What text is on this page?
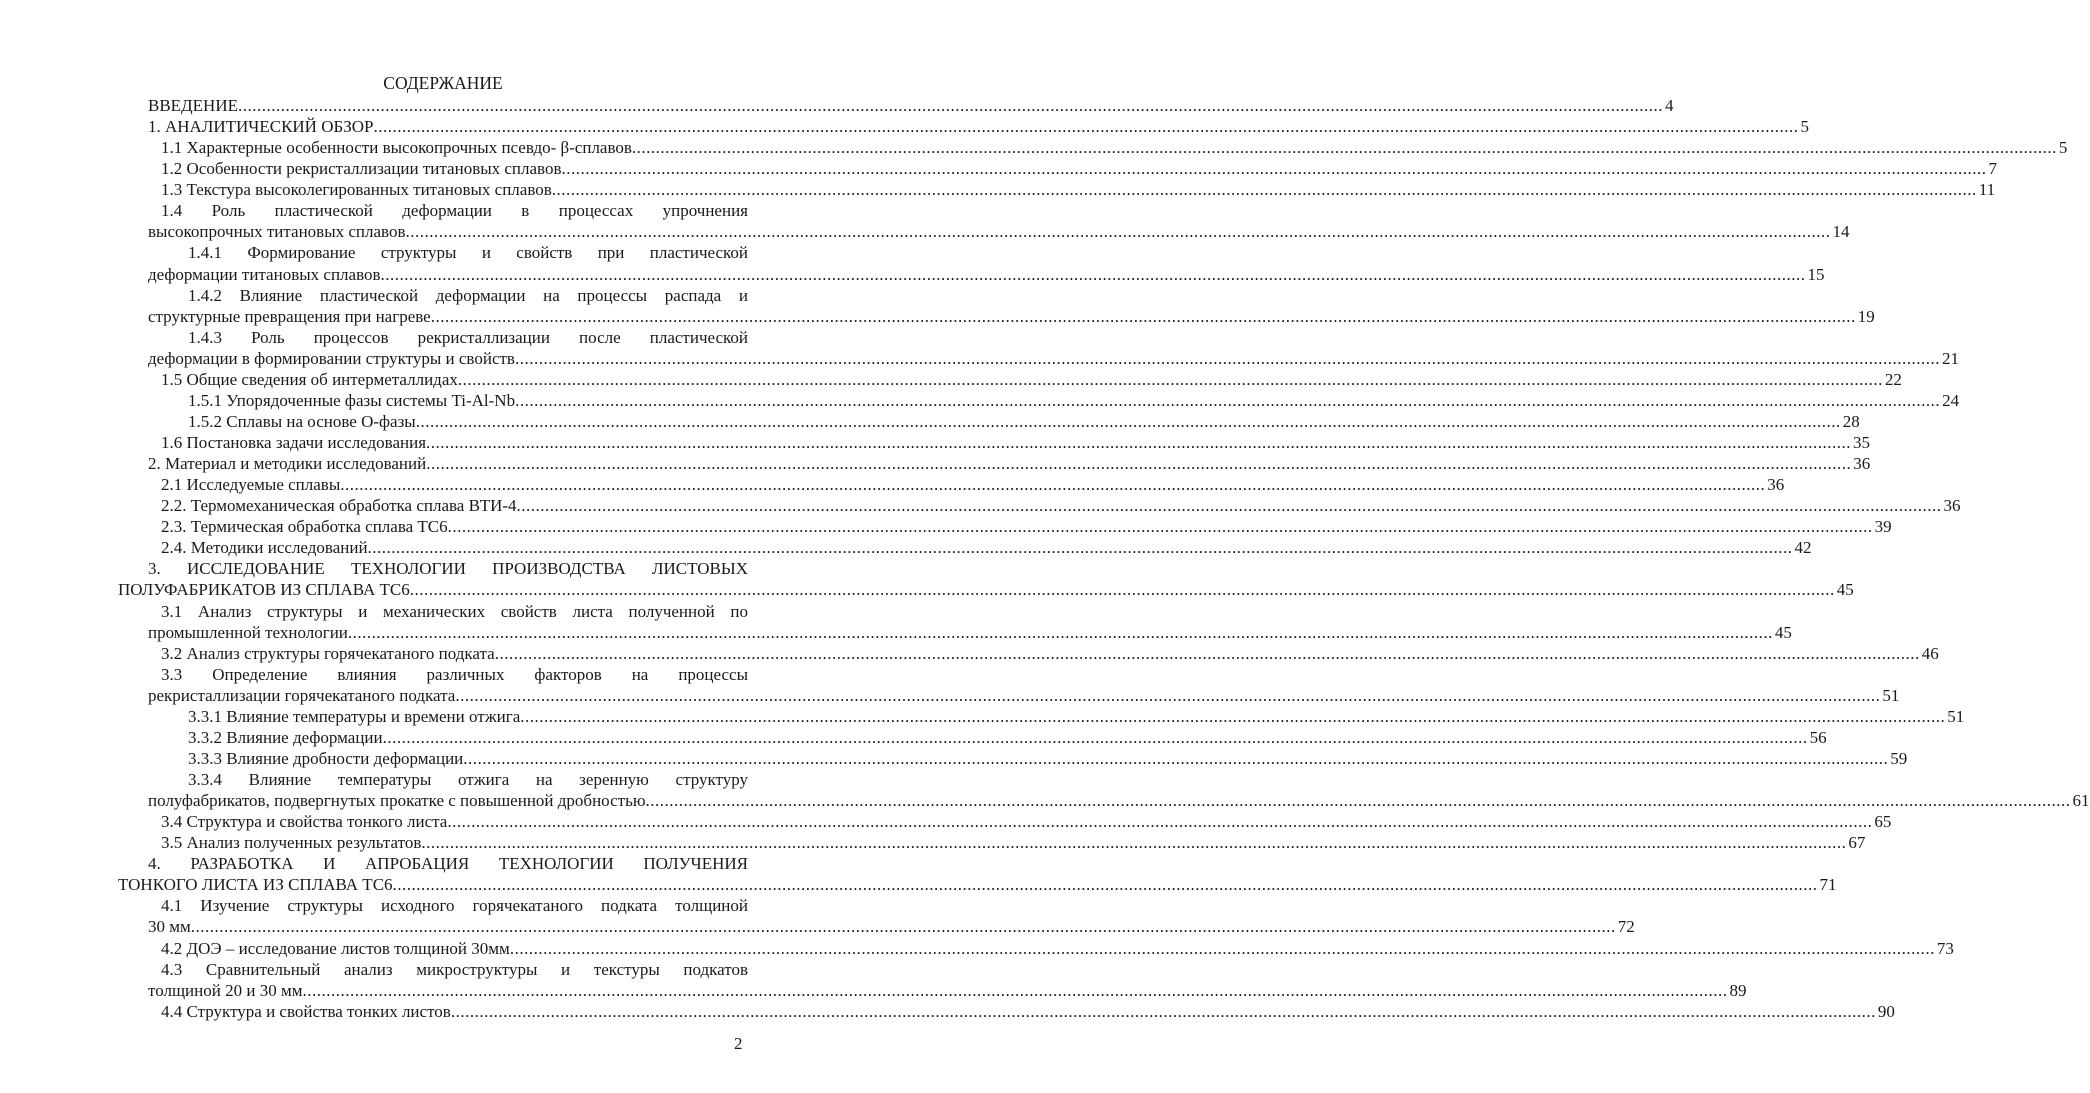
СОДЕРЖАНИЕ
ВВЕДЕНИЕ ............................................................................................................................................................................................................................................................................................................ 4
1. АНАЛИТИЧЕСКИЙ ОБЗОР ............................................................................................................................................................................................................................................................................................................ 5
1.1 Характерные особенности высокопрочных псевдо- β-сплавов ............................................................................................................................................................................................................................................................................................................ 5
1.2 Особенности рекристаллизации титановых сплавов ............................................................................................................................................................................................................................................................................................................ 7
1.3 Текстура высоколегированных титановых сплавов ............................................................................................................................................................................................................................................................................................................ 11
1.4 Роль пластической деформации в процессах упрочнения
высокопрочных титановых сплавов ............................................................................................................................................................................................................................................................................................................ 14
1.4.1 Формирование структуры и свойств при пластической
деформации титановых сплавов ............................................................................................................................................................................................................................................................................................................ 15
1.4.2 Влияние пластической деформации на процессы распада и
структурные превращения при нагреве ............................................................................................................................................................................................................................................................................................................ 19
1.4.3 Роль процессов рекристаллизации после пластической
деформации в формировании структуры и свойств ............................................................................................................................................................................................................................................................................................................ 21
1.5 Общие сведения об интерметаллидах ............................................................................................................................................................................................................................................................................................................ 22
1.5.1 Упорядоченные фазы системы Ti-Al-Nb ............................................................................................................................................................................................................................................................................................................ 24
1.5.2 Сплавы на основе О-фазы ............................................................................................................................................................................................................................................................................................................ 28
1.6 Постановка задачи исследования ............................................................................................................................................................................................................................................................................................................ 35
2. Материал и методики исследований ............................................................................................................................................................................................................................................................................................................ 36
2.1 Исследуемые сплавы ............................................................................................................................................................................................................................................................................................................ 36
2.2. Термомеханическая обработка сплава ВТИ-4 ............................................................................................................................................................................................................................................................................................................ 36
2.3. Термическая обработка сплава ТС6 ............................................................................................................................................................................................................................................................................................................ 39
2.4. Методики исследований ............................................................................................................................................................................................................................................................................................................ 42
3. ИССЛЕДОВАНИЕ ТЕХНОЛОГИИ ПРОИЗВОДСТВА ЛИСТОВЫХ
ПОЛУФАБРИКАТОВ ИЗ СПЛАВА ТС6 ............................................................................................................................................................................................................................................................................................................ 45
3.1 Анализ структуры и механических свойств листа полученной по
промышленной технологии ............................................................................................................................................................................................................................................................................................................ 45
3.2 Анализ структуры горячекатаного подката ............................................................................................................................................................................................................................................................................................................ 46
3.3 Определение влияния различных факторов на процессы
рекристаллизации горячекатаного подката ............................................................................................................................................................................................................................................................................................................ 51
3.3.1 Влияние температуры и времени отжига ............................................................................................................................................................................................................................................................................................................ 51
3.3.2 Влияние деформации ............................................................................................................................................................................................................................................................................................................ 56
3.3.3 Влияние дробности деформации ............................................................................................................................................................................................................................................................................................................ 59
3.3.4 Влияние температуры отжига на зеренную структуру
полуфабрикатов, подвергнутых прокатке с повышенной дробностью ............................................................................................................................................................................................................................................................................................................ 61
3.4 Структура и свойства тонкого листа ............................................................................................................................................................................................................................................................................................................ 65
3.5 Анализ полученных результатов ............................................................................................................................................................................................................................................................................................................ 67
4. РАЗРАБОТКА И АПРОБАЦИЯ ТЕХНОЛОГИИ ПОЛУЧЕНИЯ
ТОНКОГО ЛИСТА ИЗ СПЛАВА ТС6 ............................................................................................................................................................................................................................................................................................................ 71
4.1 Изучение структуры исходного горячекатаного подката толщиной
30 мм ............................................................................................................................................................................................................................................................................................................ 72
4.2 ДОЭ – исследование листов толщиной 30мм ............................................................................................................................................................................................................................................................................................................ 73
4.3 Сравнительный анализ микроструктуры и текстуры подкатов
толщиной 20 и 30 мм ............................................................................................................................................................................................................................................................................................................ 89
4.4 Структура и свойства тонких листов ............................................................................................................................................................................................................................................................................................................ 90
2
